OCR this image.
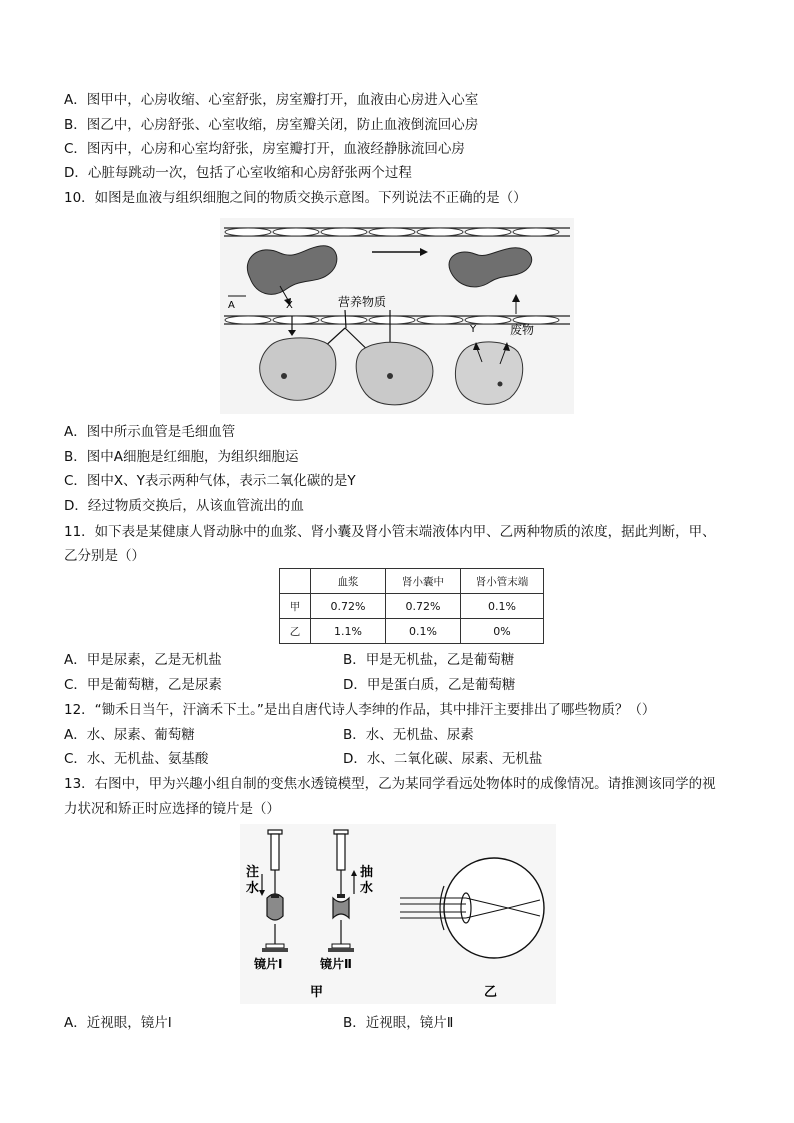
A．图甲中，心房收缩、心室舒张，房室瓣打开，血液由心房进入心室
B．图乙中，心房舒张、心室收缩，房室瓣关闭，防止血液倒流回心房
C．图丙中，心房和心室均舒张，房室瓣打开，血液经静脉流回心房
D．心脏每跳动一次，包括了心室收缩和心房舒张两个过程
10．如图是血液与组织细胞之间的物质交换示意图。下列说法不正确的是（）
A	X	营养物质
Y	废物
A．图中所示血管是毛细血管
B．图中A细胞是红细胞，为组织细胞运
C．图中X、Y表示两种气体，表示二氧化碳的是Y
D．经过物质交换后，从该血管流出的血
11．如下表是某健康人肾动脉中的血浆、肾小囊及肾小管末端液体内甲、乙两种物质的浓度，据此判断，甲、
乙分别是（）
	血浆	肾小囊中	肾小管末端
甲	0.72%	0.72%	0.1%
乙	1.1%	0.1%	0%
A．甲是尿素，乙是无机盐	B．甲是无机盐，乙是葡萄糖
C．甲是葡萄糖，乙是尿素	D．甲是蛋白质，乙是葡萄糖
12．“锄禾日当午，汗滴禾下土。”是出自唐代诗人李绅的作品，其中排汗主要排出了哪些物质？（）
A．水、尿素、葡萄糖	B．水、无机盐、尿素
C．水、无机盐、氨基酸	D．水、二氧化碳、尿素、无机盐
13．右图中，甲为兴趣小组自制的变焦水透镜模型，乙为某同学看远处物体时的成像情况。请推测该同学的视
力状况和矫正时应选择的镜片是（）
注
水
镜片Ⅰ
抽
水
镜片Ⅱ
甲	乙
A．近视眼，镜片Ⅰ	B．近视眼，镜片Ⅱ
